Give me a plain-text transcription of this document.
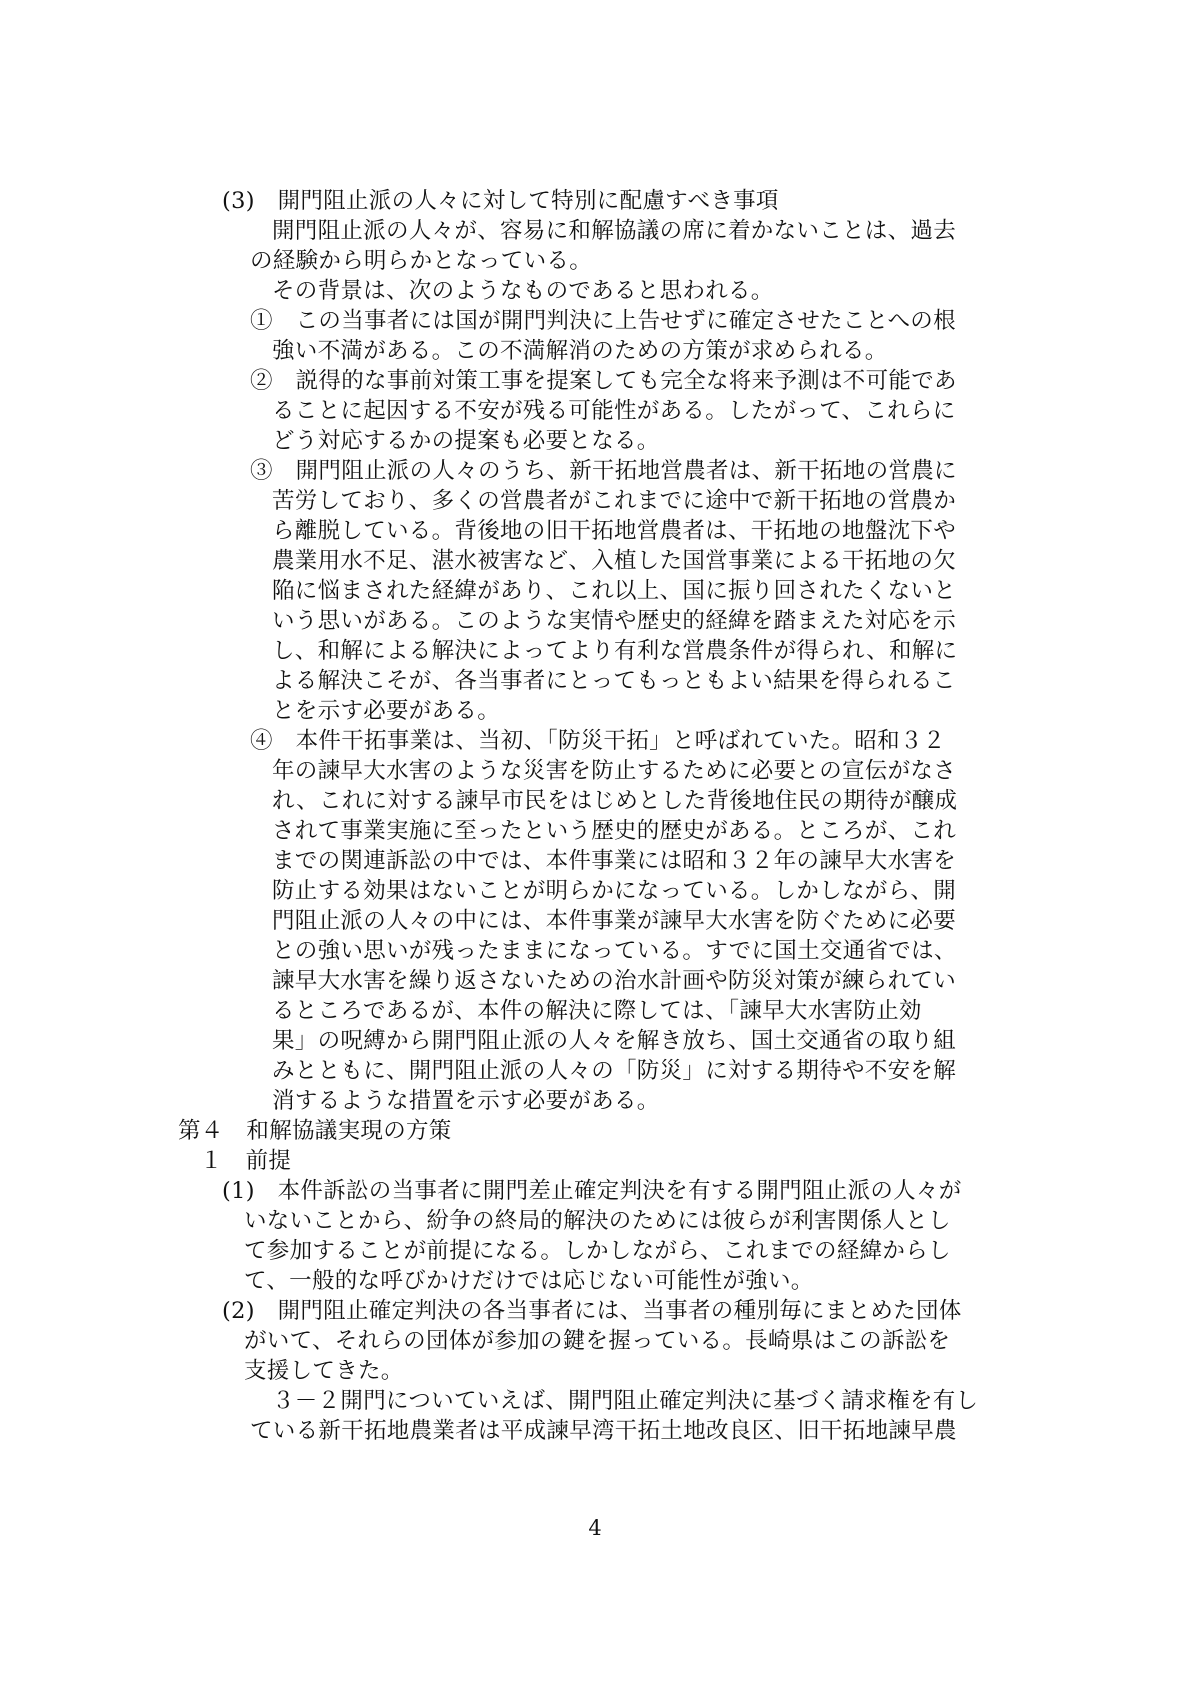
(3)　開門阻止派の人々に対して特別に配慮すべき事項
開門阻止派の人々が、容易に和解協議の席に着かないことは、過去
の経験から明らかとなっている。
その背景は、次のようなものであると思われる。
①　この当事者には国が開門判決に上告せずに確定させたことへの根
強い不満がある。この不満解消のための方策が求められる。
②　説得的な事前対策工事を提案しても完全な将来予測は不可能であ
ることに起因する不安が残る可能性がある。したがって、これらに
どう対応するかの提案も必要となる。
③　開門阻止派の人々のうち、新干拓地営農者は、新干拓地の営農に
苦労しており、多くの営農者がこれまでに途中で新干拓地の営農か
ら離脱している。背後地の旧干拓地営農者は、干拓地の地盤沈下や
農業用水不足、湛水被害など、入植した国営事業による干拓地の欠
陥に悩まされた経緯があり、これ以上、国に振り回されたくないと
いう思いがある。このような実情や歴史的経緯を踏まえた対応を示
し、和解による解決によってより有利な営農条件が得られ、和解に
よる解決こそが、各当事者にとってもっともよい結果を得られるこ
とを示す必要がある。
④　本件干拓事業は、当初、「防災干拓」と呼ばれていた。昭和３２
年の諫早大水害のような災害を防止するために必要との宣伝がなさ
れ、これに対する諫早市民をはじめとした背後地住民の期待が醸成
されて事業実施に至ったという歴史的歴史がある。ところが、これ
までの関連訴訟の中では、本件事業には昭和３２年の諫早大水害を
防止する効果はないことが明らかになっている。しかしながら、開
門阻止派の人々の中には、本件事業が諫早大水害を防ぐために必要
との強い思いが残ったままになっている。すでに国土交通省では、
諫早大水害を繰り返さないための治水計画や防災対策が練られてい
るところであるが、本件の解決に際しては、「諫早大水害防止効
果」の呪縛から開門阻止派の人々を解き放ち、国土交通省の取り組
みとともに、開門阻止派の人々の「防災」に対する期待や不安を解
消するような措置を示す必要がある。
第４　和解協議実現の方策
１　前提
(1)　本件訴訟の当事者に開門差止確定判決を有する開門阻止派の人々が
いないことから、紛争の終局的解決のためには彼らが利害関係人とし
て参加することが前提になる。しかしながら、これまでの経緯からし
て、一般的な呼びかけだけでは応じない可能性が強い。
(2)　開門阻止確定判決の各当事者には、当事者の種別毎にまとめた団体
がいて、それらの団体が参加の鍵を握っている。長崎県はこの訴訟を
支援してきた。
３－２開門についていえば、開門阻止確定判決に基づく請求権を有し
ている新干拓地農業者は平成諫早湾干拓土地改良区、旧干拓地諫早農
4
